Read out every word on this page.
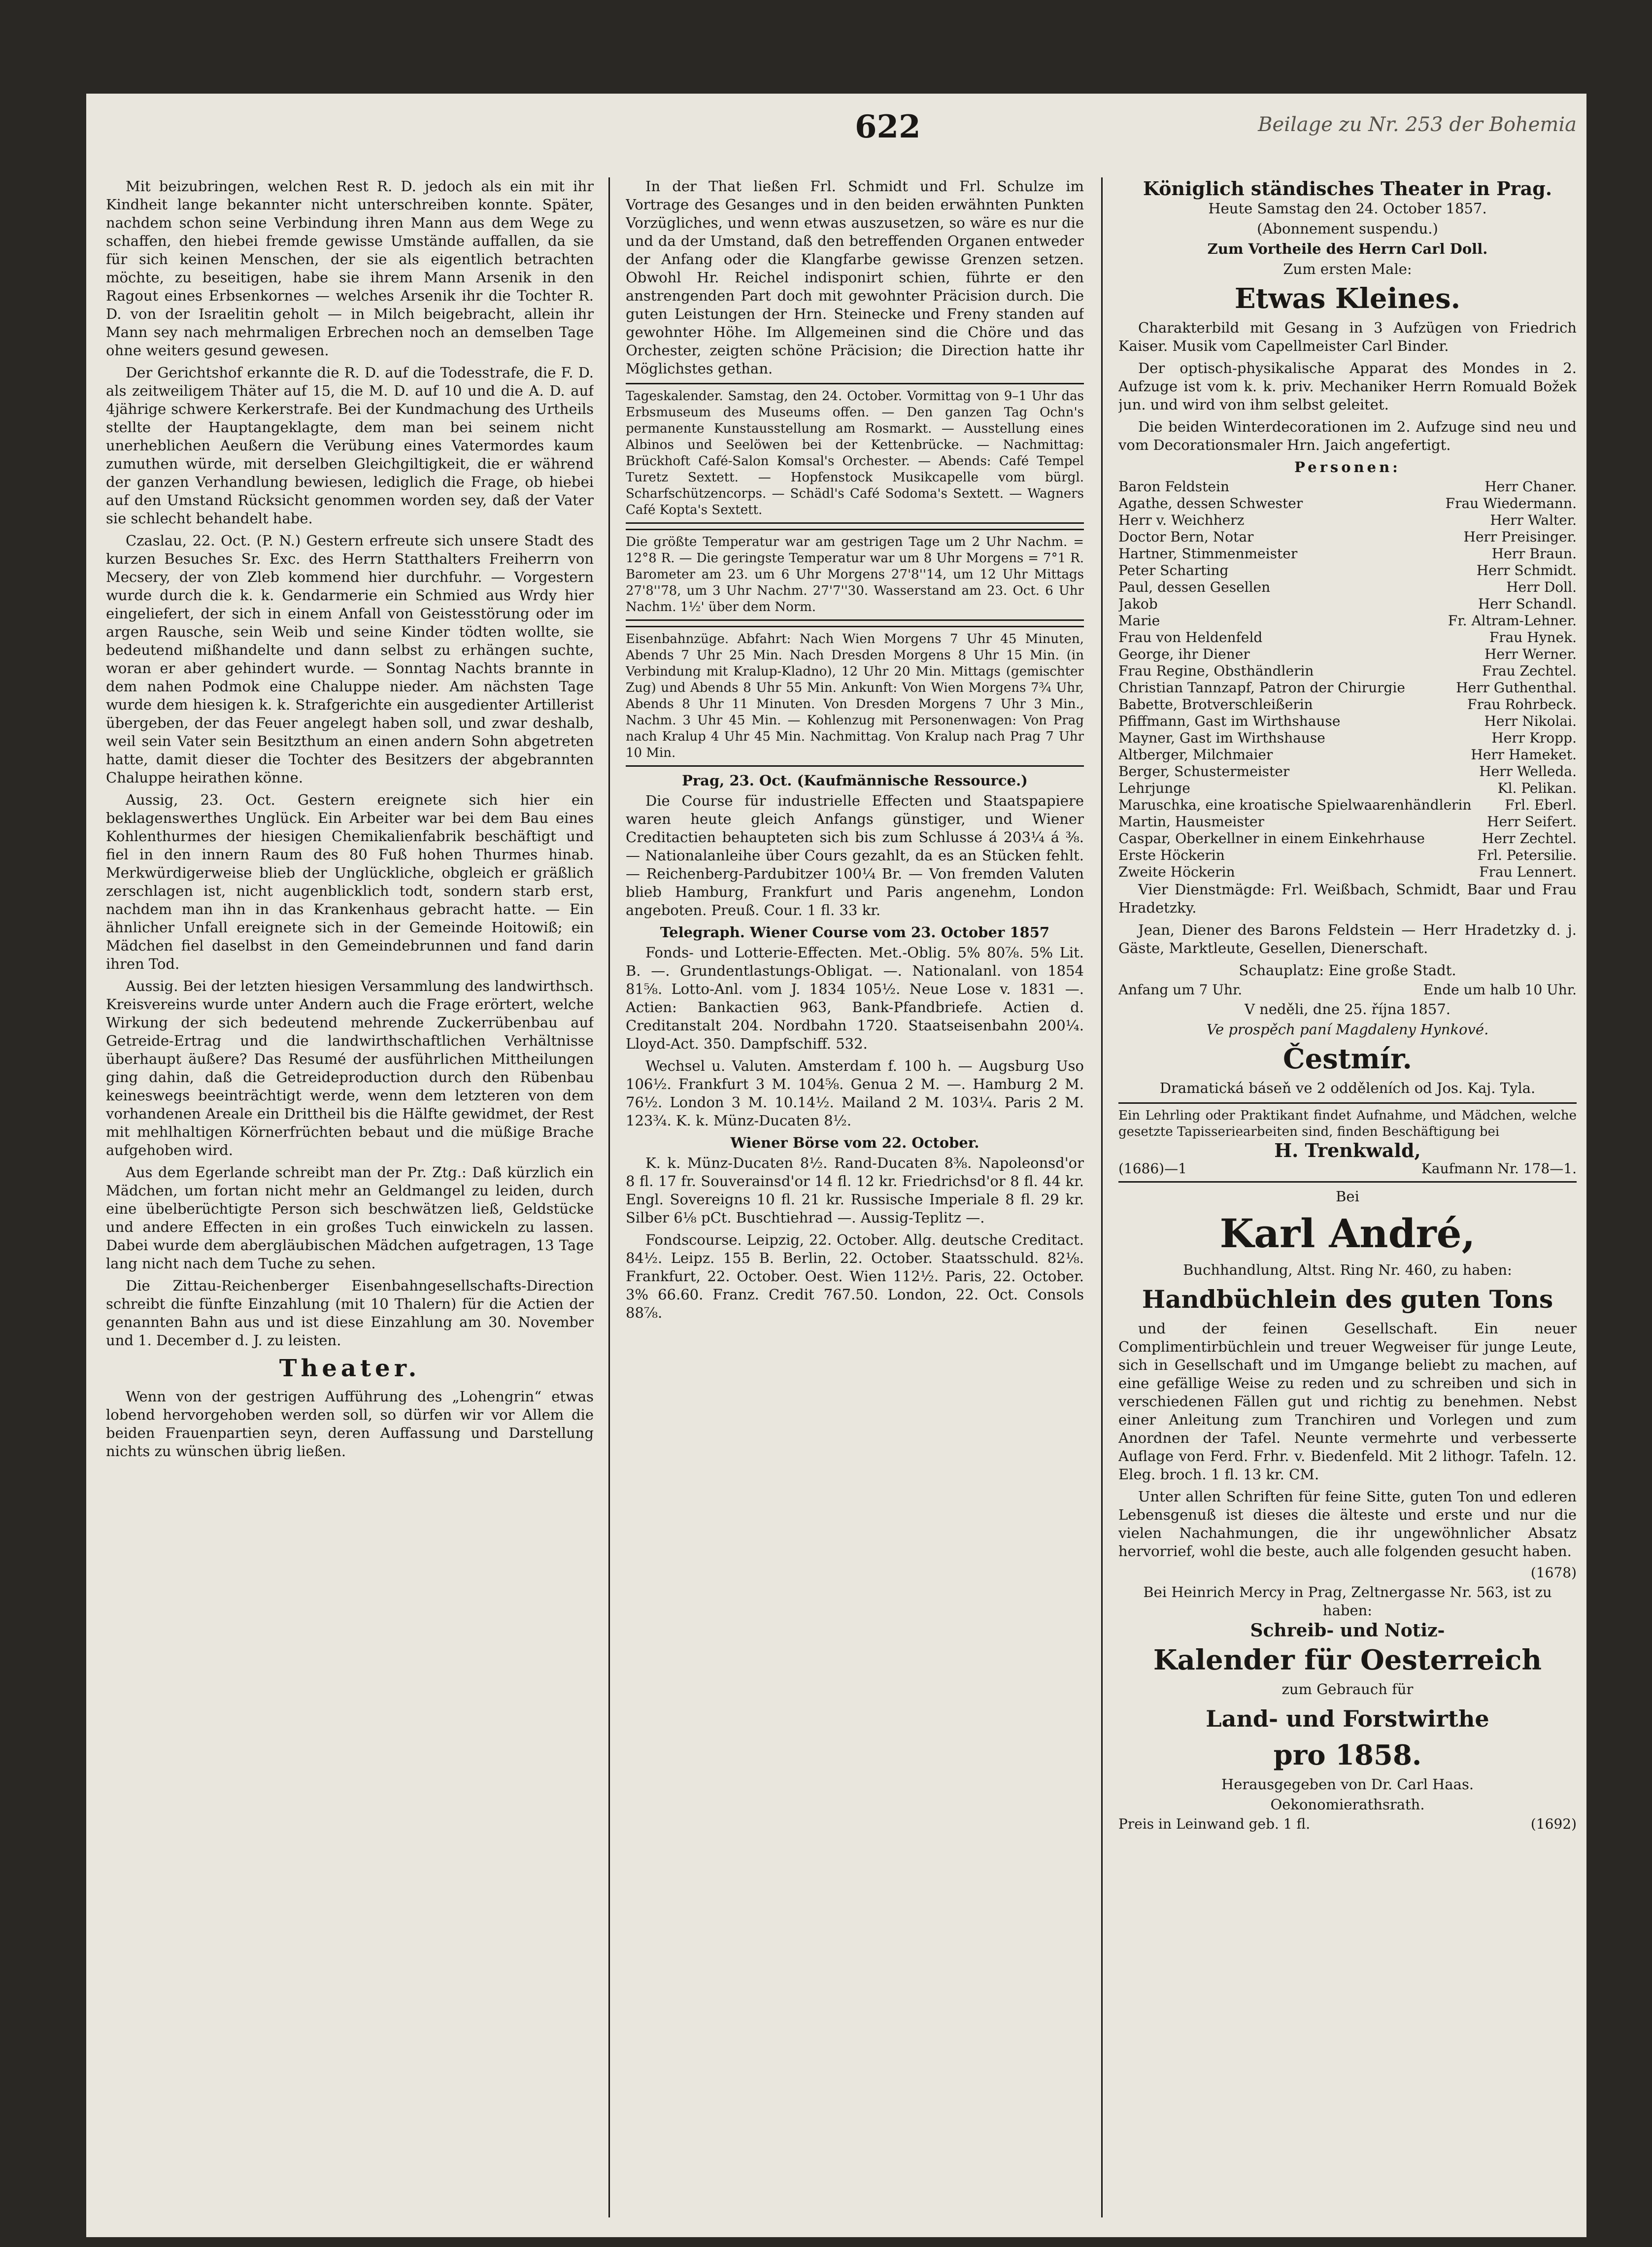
622	Beilage zu Nr. 253 der Bohemia

Mit beizubringen, welchen Rest R. D. jedoch als ein mit ihr Kindheit lange bekannter nicht unterschreiben konnte. Später, nachdem schon seine Verbindung ihren Mann aus dem Wege zu schaffen, den hiebei fremde gewisse Umstände auffallen, da sie für sich keinen Menschen, der sie als eigentlich betrachten möchte, zu beseitigen, habe sie ihrem Mann Arsenik in den Ragout eines Erbsenkornes — welches Arsenik ihr die Tochter R. D. von der Israelitin geholt — in Milch beigebracht, allein ihr Mann sey nach mehrmaligen Erbrechen noch an demselben Tage ohne weiters gesund gewesen.

Der Gerichtshof erkannte die R. D. auf die Todesstrafe, die F. D. als zeitweiligem Thäter auf 15, die M. D. auf 10 und die A. D. auf 4jährige schwere Kerkerstrafe. Bei der Kundmachung des Urtheils stellte der Hauptangeklagte, dem man bei seinem nicht unerheblichen Aeußern die Verübung eines Vatermordes kaum zumuthen würde, mit derselben Gleichgiltigkeit, die er während der ganzen Verhandlung bewiesen, lediglich die Frage, ob hiebei auf den Umstand Rücksicht genommen worden sey, daß der Vater sie schlecht behandelt habe.

Czaslau, 22. Oct. (P. N.) Gestern erfreute sich unsere Stadt des kurzen Besuches Sr. Exc. des Herrn Statthalters Freiherrn von Mecsery, der von Zleb kommend hier durchfuhr. — Vorgestern wurde durch die k. k. Gendarmerie ein Schmied aus Wrdy hier eingeliefert, der sich in einem Anfall von Geistesstörung oder im argen Rausche, sein Weib und seine Kinder tödten wollte, sie bedeutend mißhandelte und dann selbst zu erhängen suchte, woran er aber gehindert wurde. — Sonntag Nachts brannte in dem nahen Podmok eine Chaluppe nieder. Am nächsten Tage wurde dem hiesigen k. k. Strafgerichte ein ausgedienter Artillerist übergeben, der das Feuer angelegt haben soll, und zwar deshalb, weil sein Vater sein Besitzthum an einen andern Sohn abgetreten hatte, damit dieser die Tochter des Besitzers der abgebrannten Chaluppe heirathen könne.

Aussig, 23. Oct. Gestern ereignete sich hier ein beklagenswerthes Unglück. Ein Arbeiter war bei dem Bau eines Kohlenthurmes der hiesigen Chemikalienfabrik beschäftigt und fiel in den innern Raum des 80 Fuß hohen Thurmes hinab. Merkwürdigerweise blieb der Unglückliche, obgleich er gräßlich zerschlagen ist, nicht augenblicklich todt, sondern starb erst, nachdem man ihn in das Krankenhaus gebracht hatte. — Ein ähnlicher Unfall ereignete sich in der Gemeinde Hoitowiß; ein Mädchen fiel daselbst in den Gemeindebrunnen und fand darin ihren Tod.

Aussig. Bei der letzten hiesigen Versammlung des landwirthsch. Kreisvereins wurde unter Andern auch die Frage erörtert, welche Wirkung der sich bedeutend mehrende Zuckerrübenbau auf Getreide-Ertrag und die landwirthschaftlichen Verhältnisse überhaupt äußere? Das Resumé der ausführlichen Mittheilungen ging dahin, daß die Getreideproduction durch den Rübenbau keineswegs beeinträchtigt werde, wenn dem letzteren von dem vorhandenen Areale ein Drittheil bis die Hälfte gewidmet, der Rest mit mehlhaltigen Körnerfrüchten bebaut und die müßige Brache aufgehoben wird.

Aus dem Egerlande schreibt man der Pr. Ztg.: Daß kürzlich ein Mädchen, um fortan nicht mehr an Geldmangel zu leiden, durch eine übelberüchtigte Person sich beschwätzen ließ, Geldstücke und andere Effecten in ein großes Tuch einwickeln zu lassen. Dabei wurde dem abergläubischen Mädchen aufgetragen, 13 Tage lang nicht nach dem Tuche zu sehen.

Die Zittau-Reichenberger Eisenbahngesellschafts-Direction schreibt die fünfte Einzahlung (mit 10 Thalern) für die Actien der genannten Bahn aus und ist diese Einzahlung am 30. November und 1. December d. J. zu leisten.

Theater.

Wenn von der gestrigen Aufführung des „Lohengrin“ etwas lobend hervorgehoben werden soll, so dürfen wir vor Allem die beiden Frauenpartien seyn, deren Auffassung und Darstellung nichts zu wünschen übrig ließen.

In der That ließen Frl. Schmidt und Frl. Schulze im Vortrage des Gesanges und in den beiden erwähnten Punkten Vorzügliches, und wenn etwas auszusetzen, so wäre es nur die und da der Umstand, daß den betreffenden Organen entweder der Anfang oder die Klangfarbe gewisse Grenzen setzen. Obwohl Hr. Reichel indisponirt schien, führte er den anstrengenden Part doch mit gewohnter Präcision durch. Die guten Leistungen der Hrn. Steinecke und Freny standen auf gewohnter Höhe. Im Allgemeinen sind die Chöre und das Orchester, zeigten schöne Präcision; die Direction hatte ihr Möglichstes gethan.

Tageskalender. Samstag, den 24. October. Vormittag von 9–1 Uhr das Erbsmuseum des Museums offen. — Den ganzen Tag Ochn's permanente Kunstausstellung am Rosmarkt. — Ausstellung eines Albinos und Seelöwen bei der Kettenbrücke. — Nachmittag: Brückhoft Café-Salon Komsal's Orchester. — Abends: Café Tempel Turetz Sextett. — Hopfenstock Musikcapelle vom bürgl. Scharfschützencorps. — Schädl's Café Sodoma's Sextett. — Wagners Café Kopta's Sextett.
Die größte Temperatur war am gestrigen Tage um 2 Uhr Nachm. = 12°8 R. — Die geringste Temperatur war um 8 Uhr Morgens = 7°1 R. Barometer am 23. um 6 Uhr Morgens 27'8''14, um 12 Uhr Mittags 27'8''78, um 3 Uhr Nachm. 27'7''30. Wasserstand am 23. Oct. 6 Uhr Nachm. 1½' über dem Norm.
Eisenbahnzüge. Abfahrt: Nach Wien Morgens 7 Uhr 45 Minuten, Abends 7 Uhr 25 Min. Nach Dresden Morgens 8 Uhr 15 Min. (in Verbindung mit Kralup-Kladno), 12 Uhr 20 Min. Mittags (gemischter Zug) und Abends 8 Uhr 55 Min. Ankunft: Von Wien Morgens 7¾ Uhr, Abends 8 Uhr 11 Minuten. Von Dresden Morgens 7 Uhr 3 Min., Nachm. 3 Uhr 45 Min. — Kohlenzug mit Personenwagen: Von Prag nach Kralup 4 Uhr 45 Min. Nachmittag. Von Kralup nach Prag 7 Uhr 10 Min.
Prag, 23. Oct. (Kaufmännische Ressource.)

Die Course für industrielle Effecten und Staatspapiere waren heute gleich Anfangs günstiger, und Wiener Creditactien behaupteten sich bis zum Schlusse á 203¼ á ⅜. — Nationalanleihe über Cours gezahlt, da es an Stücken fehlt. — Reichenberg-Pardubitzer 100¼ Br. — Von fremden Valuten blieb Hamburg, Frankfurt und Paris angenehm, London angeboten. Preuß. Cour. 1 fl. 33 kr.

Telegraph. Wiener Course vom 23. October 1857

Fonds- und Lotterie-Effecten. Met.-Oblig. 5% 80⅞. 5% Lit. B. —. Grundentlastungs-Obligat. —. Nationalanl. von 1854 81⅝. Lotto-Anl. vom J. 1834 105½. Neue Lose v. 1831 —. Actien: Bankactien 963, Bank-Pfandbriefe. Actien d. Creditanstalt 204. Nordbahn 1720. Staatseisenbahn 200¼. Lloyd-Act. 350. Dampfschiff. 532.

Wechsel u. Valuten. Amsterdam f. 100 h. — Augsburg Uso 106½. Frankfurt 3 M. 104⅝. Genua 2 M. —. Hamburg 2 M. 76½. London 3 M. 10.14½. Mailand 2 M. 103¼. Paris 2 M. 123¾. K. k. Münz-Ducaten 8½.

Wiener Börse vom 22. October.

K. k. Münz-Ducaten 8½. Rand-Ducaten 8⅜. Napoleonsd'or 8 fl. 17 fr. Souverainsd'or 14 fl. 12 kr. Friedrichsd'or 8 fl. 44 kr. Engl. Sovereigns 10 fl. 21 kr. Russische Imperiale 8 fl. 29 kr. Silber 6⅛ pCt. Buschtiehrad —. Aussig-Teplitz —.

Fondscourse. Leipzig, 22. October. Allg. deutsche Creditact. 84½. Leipz. 155 B. Berlin, 22. October. Staatsschuld. 82⅛. Frankfurt, 22. October. Oest. Wien 112½. Paris, 22. October. 3% 66.60. Franz. Credit 767.50. London, 22. Oct. Consols 88⅞.

Königlich ständisches Theater in Prag.
Heute Samstag den 24. October 1857.
(Abonnement suspendu.)
Zum Vortheile des Herrn Carl Doll.
Zum ersten Male:
Etwas Kleines.

Charakterbild mit Gesang in 3 Aufzügen von Friedrich Kaiser. Musik vom Capellmeister Carl Binder.

Der optisch-physikalische Apparat des Mondes in 2. Aufzuge ist vom k. k. priv. Mechaniker Herrn Romuald Božek jun. und wird von ihm selbst geleitet.

Die beiden Winterdecorationen im 2. Aufzuge sind neu und vom Decorationsmaler Hrn. Jaich angefertigt.

Personen:
Baron Feldstein	Herr Chaner.
Agathe, dessen Schwester	Frau Wiedermann.
Herr v. Weichherz	Herr Walter.
Doctor Bern, Notar	Herr Preisinger.
Hartner, Stimmenmeister	Herr Braun.
Peter Scharting	Herr Schmidt.
Paul, dessen Gesellen	Herr Doll.
Jakob	Herr Schandl.
Marie	Fr. Altram-Lehner.
Frau von Heldenfeld	Frau Hynek.
George, ihr Diener	Herr Werner.
Frau Regine, Obsthändlerin	Frau Zechtel.
Christian Tannzapf, Patron der Chirurgie	Herr Guthenthal.
Babette, Brotverschleißerin	Frau Rohrbeck.
Pfiffmann, Gast im Wirthshause	Herr Nikolai.
Mayner, Gast im Wirthshause	Herr Kropp.
Altberger, Milchmaier	Herr Hameket.
Berger, Schustermeister	Herr Welleda.
Lehrjunge	Kl. Pelikan.
Maruschka, eine kroatische Spielwaarenhändlerin Frl. Eberl.
Martin, Hausmeister	Herr Seifert.
Caspar, Oberkellner in einem Einkehrhause	Herr Zechtel.
Erste Höckerin	Frl. Petersilie.
Zweite Höckerin	Frau Lennert.

Vier Dienstmägde: Frl. Weißbach, Schmidt, Baar und Frau Hradetzky.

Jean, Diener des Barons Feldstein — Herr Hradetzky d. j. Gäste, Marktleute, Gesellen, Dienerschaft.

Schauplatz: Eine große Stadt.
Anfang um 7 Uhr.	Ende um halb 10 Uhr.
V neděli, dne 25. října 1857.
Ve prospěch paní Magdaleny Hynkové.
Čestmír.
Dramatická báseň ve 2 odděleních od Jos. Kaj. Tyla.
Ein Lehrling oder Praktikant findet Aufnahme, und Mädchen, welche gesetzte Tapisseriearbeiten sind, finden Beschäftigung bei
H. Trenkwald,
(1686)—1	Kaufmann Nr. 178—1.
Bei
Karl André,
Buchhandlung, Altst. Ring Nr. 460, zu haben:
Handbüchlein des guten Tons

und der feinen Gesellschaft. Ein neuer Complimentirbüchlein und treuer Wegweiser für junge Leute, sich in Gesellschaft und im Umgange beliebt zu machen, auf eine gefällige Weise zu reden und zu schreiben und sich in verschiedenen Fällen gut und richtig zu benehmen. Nebst einer Anleitung zum Tranchiren und Vorlegen und zum Anordnen der Tafel. Neunte vermehrte und verbesserte Auflage von Ferd. Frhr. v. Biedenfeld. Mit 2 lithogr. Tafeln. 12. Eleg. broch. 1 fl. 13 kr. CM.

Unter allen Schriften für feine Sitte, guten Ton und edleren Lebensgenuß ist dieses die älteste und erste und nur die vielen Nachahmungen, die ihr ungewöhnlicher Absatz hervorrief, wohl die beste, auch alle folgenden gesucht haben.

(1678)
Bei Heinrich Mercy in Prag, Zeltnergasse Nr. 563, ist zu haben:
Schreib- und Notiz-
Kalender für Oesterreich
zum Gebrauch für
Land- und Forstwirthe
pro 1858.
Herausgegeben von Dr. Carl Haas.
Oekonomierathsrath.
Preis in Leinwand geb. 1 fl.	(1692)
